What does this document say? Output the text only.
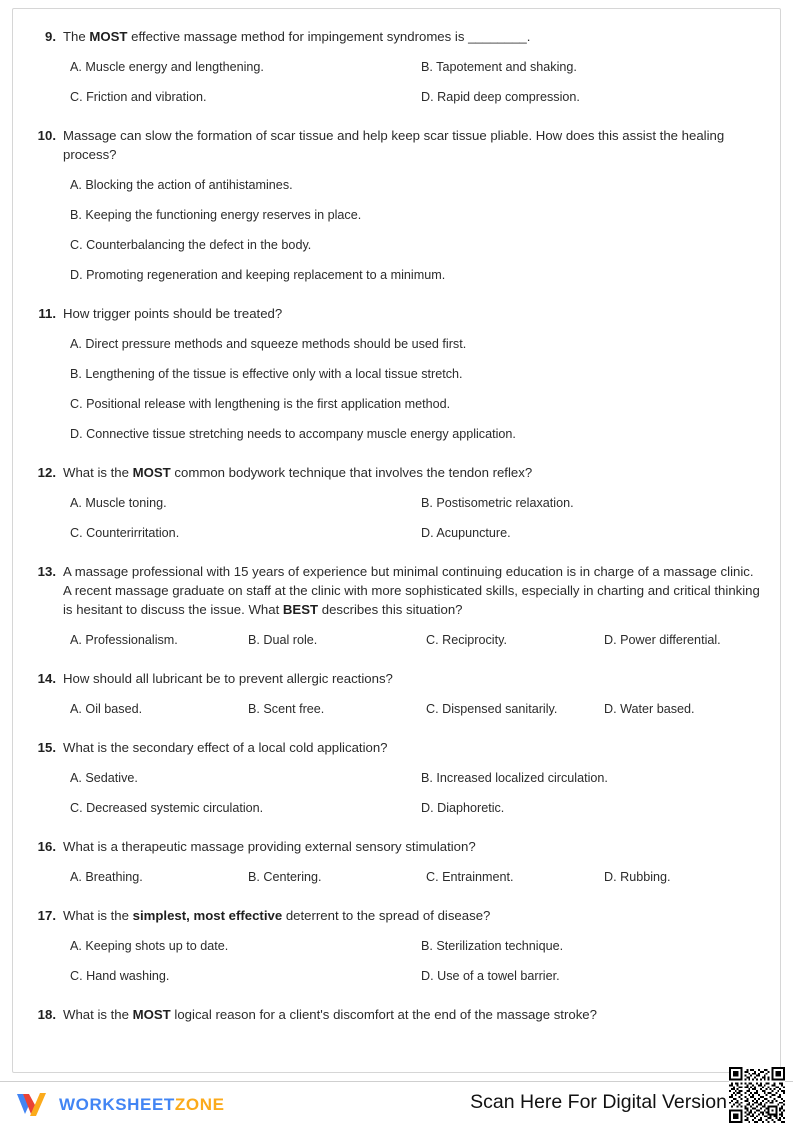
9. The MOST effective massage method for impingement syndromes is ________.
A. Muscle energy and lengthening.	B. Tapotement and shaking.
C. Friction and vibration.	D. Rapid deep compression.
10. Massage can slow the formation of scar tissue and help keep scar tissue pliable. How does this assist the healing process?
A. Blocking the action of antihistamines.
B. Keeping the functioning energy reserves in place.
C. Counterbalancing the defect in the body.
D. Promoting regeneration and keeping replacement to a minimum.
11. How trigger points should be treated?
A. Direct pressure methods and squeeze methods should be used first.
B. Lengthening of the tissue is effective only with a local tissue stretch.
C. Positional release with lengthening is the first application method.
D. Connective tissue stretching needs to accompany muscle energy application.
12. What is the MOST common bodywork technique that involves the tendon reflex?
A. Muscle toning.	B. Postisometric relaxation.
C. Counterirritation.	D. Acupuncture.
13. A massage professional with 15 years of experience but minimal continuing education is in charge of a massage clinic. A recent massage graduate on staff at the clinic with more sophisticated skills, especially in charting and critical thinking is hesitant to discuss the issue. What BEST describes this situation?
A. Professionalism.	B. Dual role.	C. Reciprocity.	D. Power differential.
14. How should all lubricant be to prevent allergic reactions?
A. Oil based.	B. Scent free.	C. Dispensed sanitarily.	D. Water based.
15. What is the secondary effect of a local cold application?
A. Sedative.	B. Increased localized circulation.
C. Decreased systemic circulation.	D. Diaphoretic.
16. What is a therapeutic massage providing external sensory stimulation?
A. Breathing.	B. Centering.	C. Entrainment.	D. Rubbing.
17. What is the simplest, most effective deterrent to the spread of disease?
A. Keeping shots up to date.	B. Sterilization technique.
C. Hand washing.	D. Use of a towel barrier.
18. What is the MOST logical reason for a client's discomfort at the end of the massage stroke?
WORKSHEETZONE	Scan Here For Digital Version
